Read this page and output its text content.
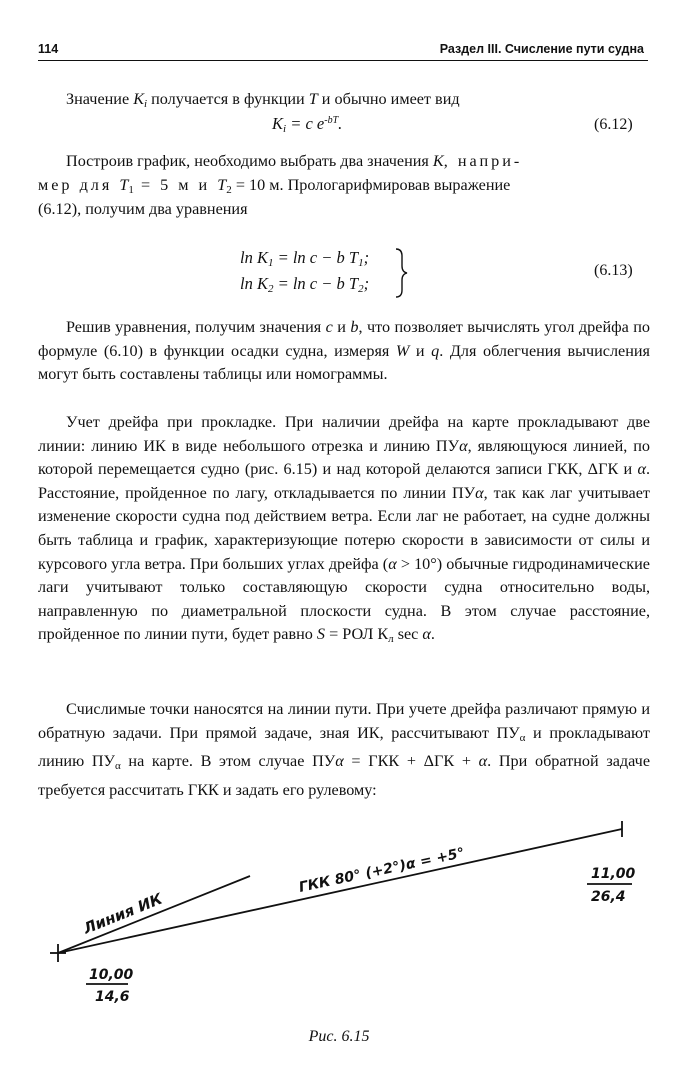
114	Раздел III. Счисление пути судна
Значение $K_i$ получается в функции T и обычно имеет вид
$K_i = c$ $e^{-bT}$.	(6.12)
Построив график, необходимо выбрать два значения K, напри-
мер для $T_1 = 5$ м и $T_2 = 10$ м. Прологарифмировав выражение
(6.12), получим два уравнения
$\ln K_1 = \ln c - b$ $T_1$;
$\ln K_2 = \ln c - b$ $T_2$;
(6.13)
Решив уравнения, получим значения c и b, что позволяет вычислять угол дрейфа по формуле (6.10) в функции осадки судна, измеряя W и q. Для облегчения вычисления могут быть составлены таблицы или номограммы.
Учет дрейфа при прокладке. При наличии дрейфа на карте прокладывают две линии: линию ИК в виде небольшого отрезка и линию ПУα, являющуюся линией, по которой перемещается судно (рис. 6.15) и над которой делаются записи ГКК, ΔГК и α. Расстояние, пройденное по лагу, откладывается по линии ПУα, так как лаг учитывает изменение скорости судна под действием ветра. Если лаг не работает, на судне должны быть таблица и график, характеризующие потерю скорости в зависимости от силы и курсового угла ветра. При больших углах дрейфа (α > 10°) обычные гидродинамические лаги учитывают только составляющую скорости судна относительно воды, направленную по диаметральной плоскости судна. В этом случае расстояние, пройденное по линии пути, будет равно S = РОЛ $К_л$ sec α.
Счислимые точки наносятся на линии пути. При учете дрейфа различают прямую и обратную задачи. При прямой задаче, зная ИК, рассчитывают $ПУ_\alpha$ и прокладывают линию $ПУ_\alpha$ на карте. В этом случае ПУα = ГКК + ΔГК + α. При обратной задаче требуется рассчитать ГКК и задать его рулевому:
Линия ИК
ГКК 80° (+2°)α = +5°
10,00
14,6
11,00
26,4
Рис. 6.15
